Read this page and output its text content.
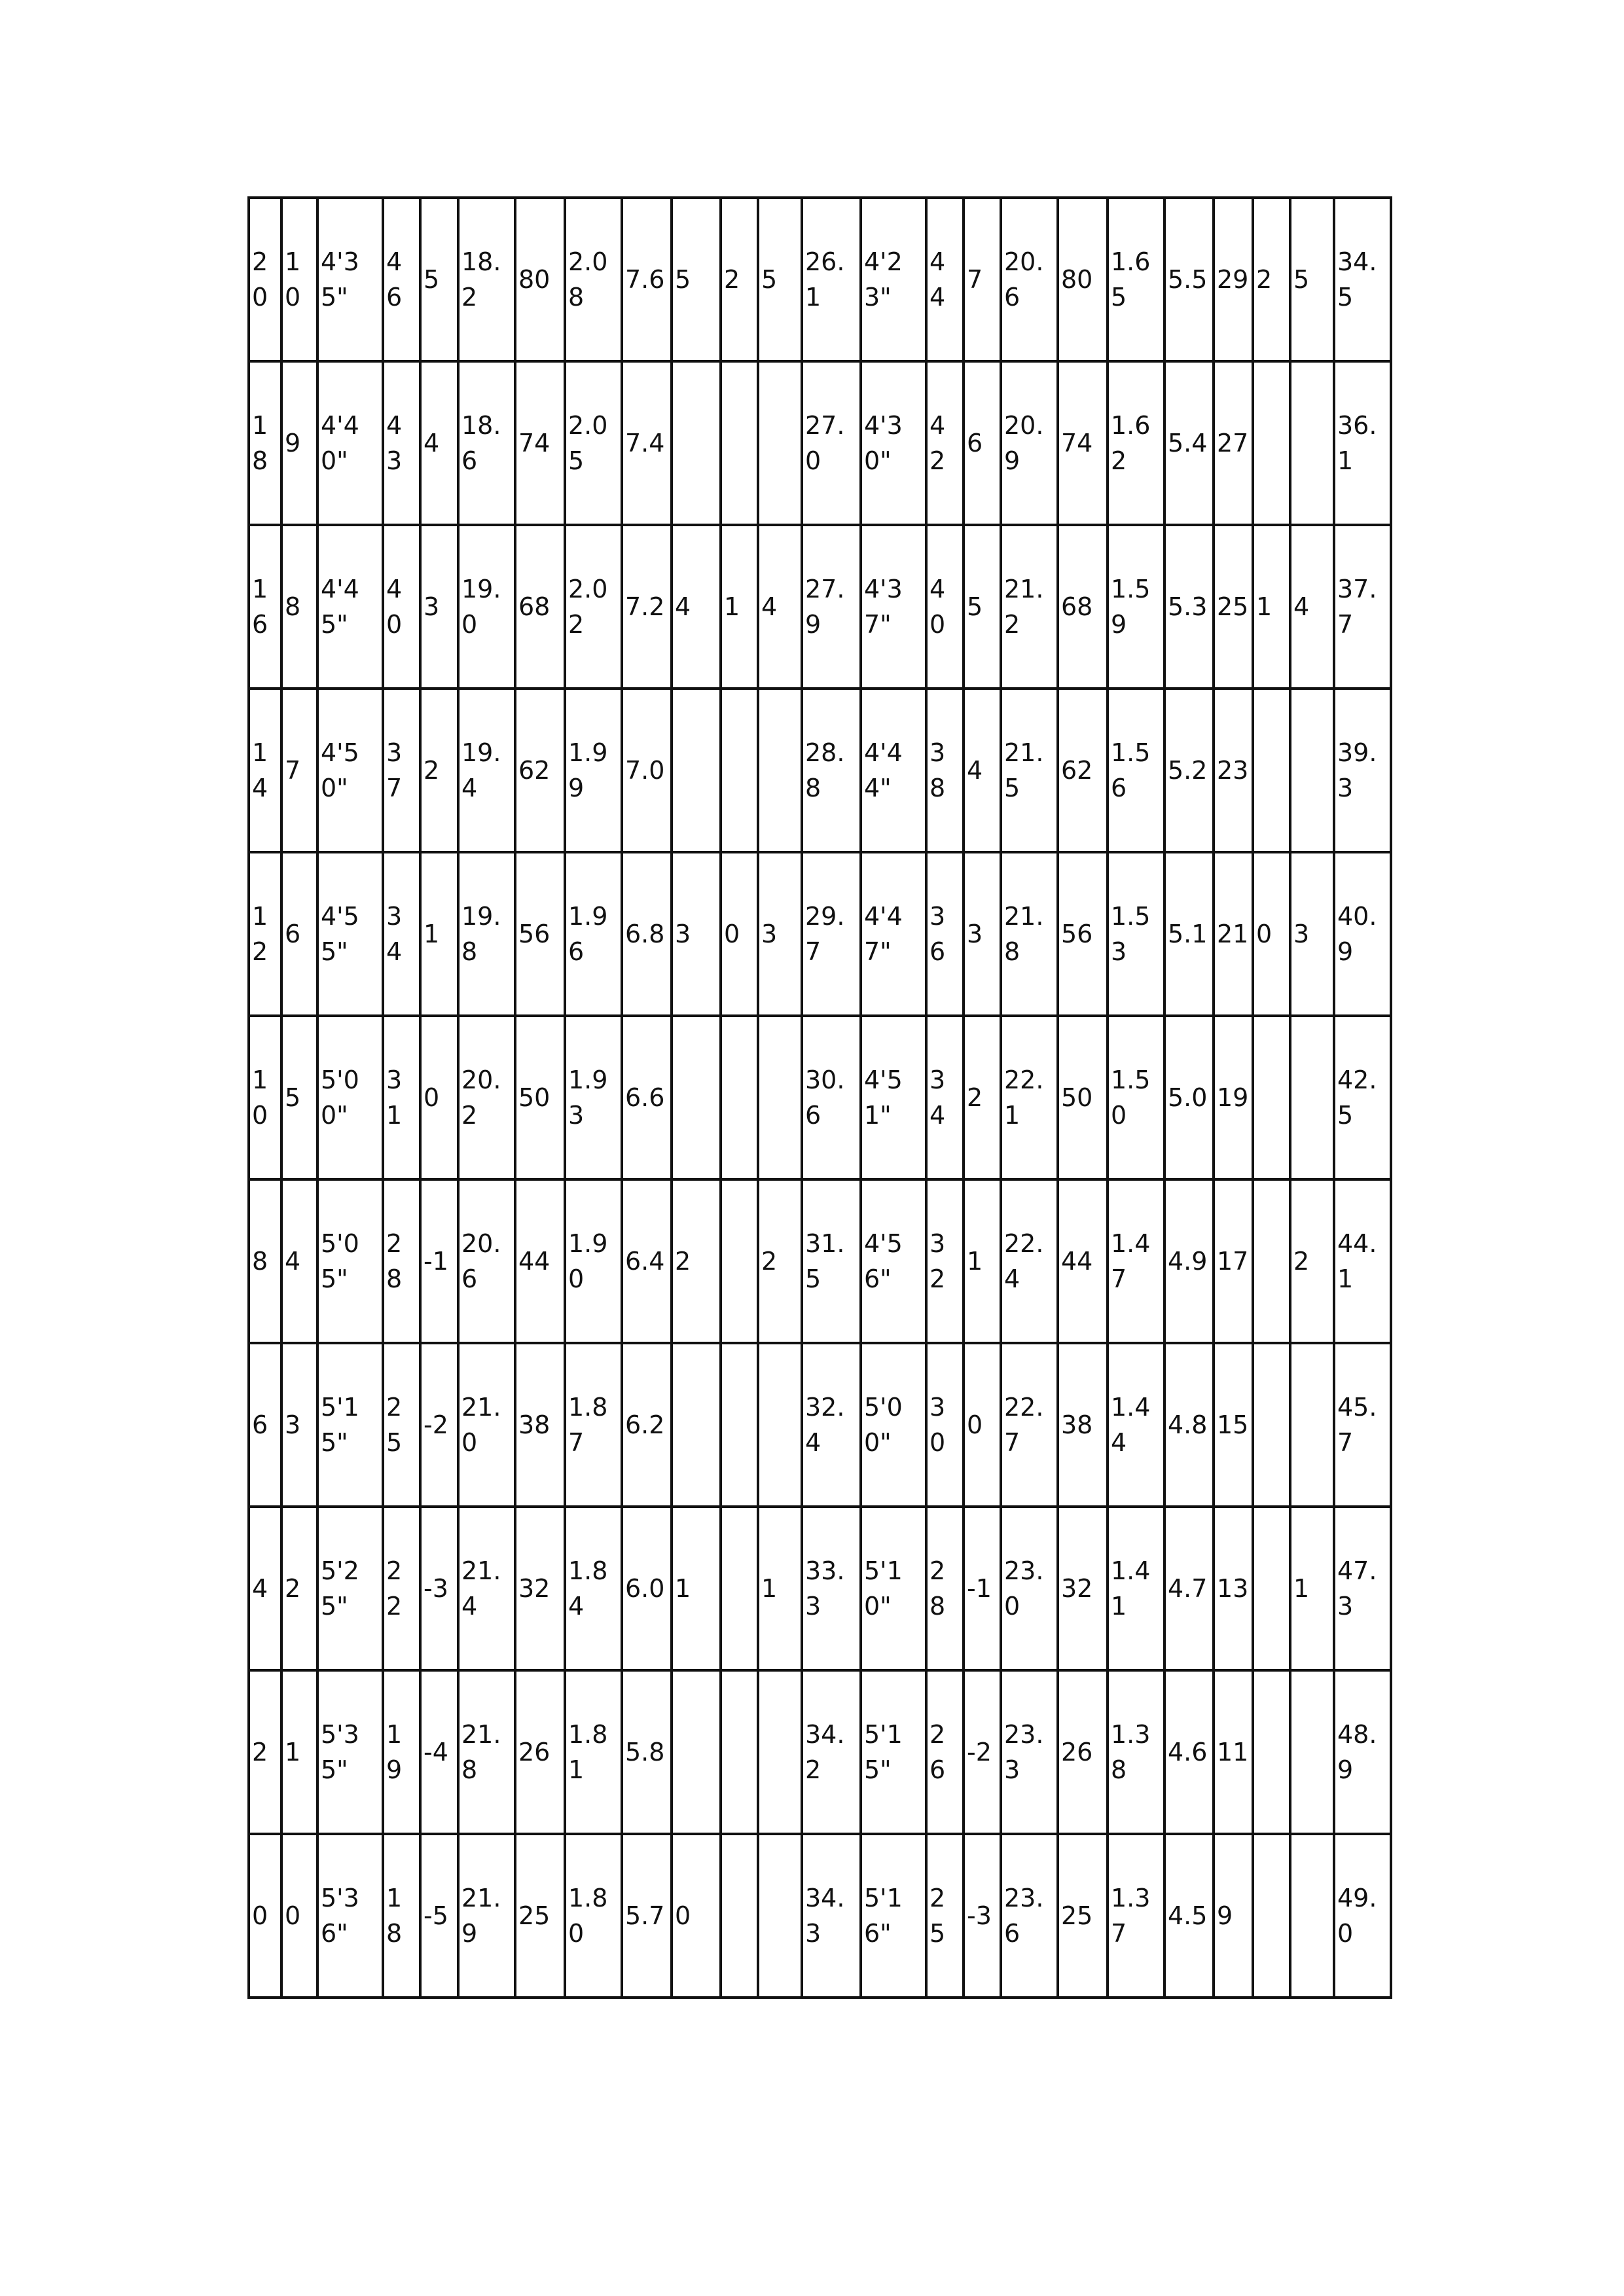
20	10	4'35"	46	5	18.2	80	2.08	7.6	5	2	5	26.1	4'23"	44	7	20.6	80	1.65	5.5	29	2	5	34.5
18	9	4'40"	43	4	18.6	74	2.05	7.4				27.0	4'30"	42	6	20.9	74	1.62	5.4	27			36.1
16	8	4'45"	40	3	19.0	68	2.02	7.2	4	1	4	27.9	4'37"	40	5	21.2	68	1.59	5.3	25	1	4	37.7
14	7	4'50"	37	2	19.4	62	1.99	7.0				28.8	4'44"	38	4	21.5	62	1.56	5.2	23			39.3
12	6	4'55"	34	1	19.8	56	1.96	6.8	3	0	3	29.7	4'47"	36	3	21.8	56	1.53	5.1	21	0	3	40.9
10	5	5'00"	31	0	20.2	50	1.93	6.6				30.6	4'51"	34	2	22.1	50	1.50	5.0	19			42.5
8	4	5'05"	28	-1	20.6	44	1.90	6.4	2		2	31.5	4'56"	32	1	22.4	44	1.47	4.9	17		2	44.1
6	3	5'15"	25	-2	21.0	38	1.87	6.2				32.4	5'00"	30	0	22.7	38	1.44	4.8	15			45.7
4	2	5'25"	22	-3	21.4	32	1.84	6.0	1		1	33.3	5'10"	28	-1	23.0	32	1.41	4.7	13		1	47.3
2	1	5'35"	19	-4	21.8	26	1.81	5.8				34.2	5'15"	26	-2	23.3	26	1.38	4.6	11			48.9
0	0	5'36"	18	-5	21.9	25	1.80	5.7	0			34.3	5'16"	25	-3	23.6	25	1.37	4.5	9			49.0
